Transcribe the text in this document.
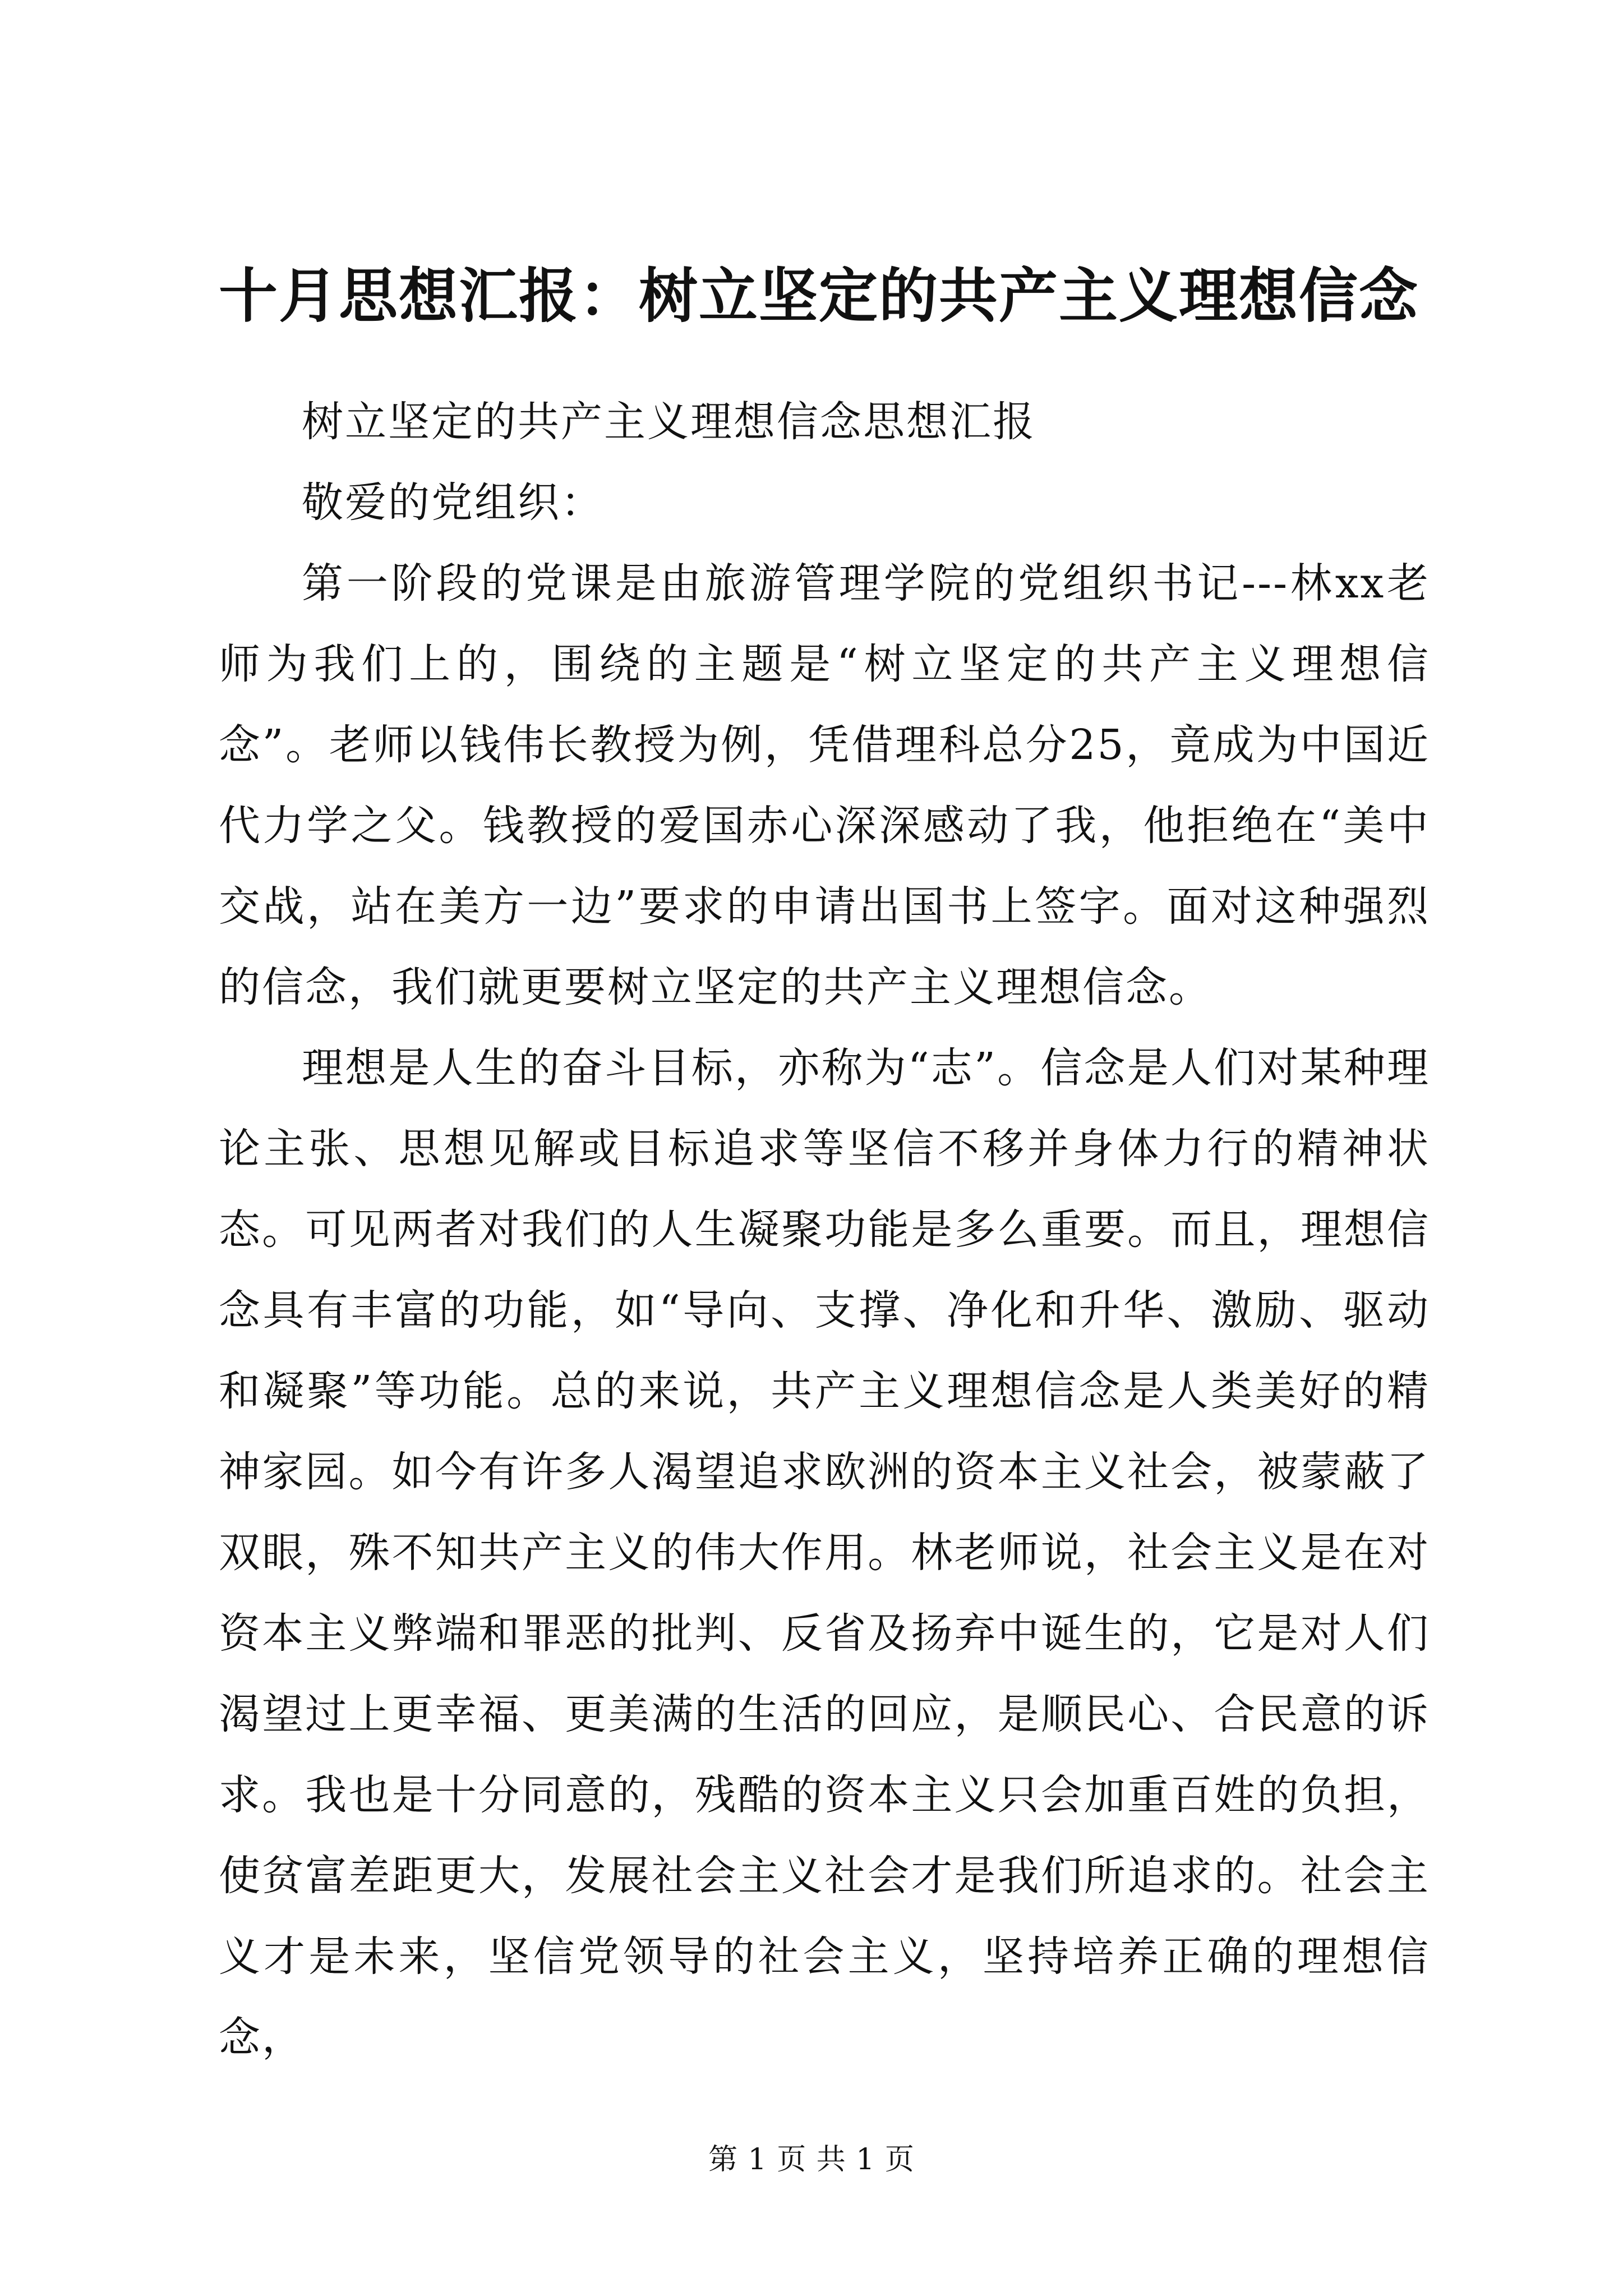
十月思想汇报：树立坚定的共产主义理想信念

树立坚定的共产主义理想信念思想汇报

敬爱的党组织：

第一阶段的党课是由旅游管理学院的党组织书记---林xx老师为我们上的，围绕的主题是“树立坚定的共产主义理想信念”。老师以钱伟长教授为例，凭借理科总分25，竟成为中国近代力学之父。钱教授的爱国赤心深深感动了我，他拒绝在“美中交战，站在美方一边”要求的申请出国书上签字。面对这种强烈的信念，我们就更要树立坚定的共产主义理想信念。

理想是人生的奋斗目标，亦称为“志”。信念是人们对某种理论主张、思想见解或目标追求等坚信不移并身体力行的精神状态。可见两者对我们的人生凝聚功能是多么重要。而且，理想信念具有丰富的功能，如“导向、支撑、净化和升华、激励、驱动和凝聚”等功能。总的来说，共产主义理想信念是人类美好的精神家园。如今有许多人渴望追求欧洲的资本主义社会，被蒙蔽了双眼，殊不知共产主义的伟大作用。林老师说，社会主义是在对资本主义弊端和罪恶的批判、反省及扬弃中诞生的，它是对人们渴望过上更幸福、更美满的生活的回应，是顺民心、合民意的诉求。我也是十分同意的，残酷的资本主义只会加重百姓的负担，使贫富差距更大，发展社会主义社会才是我们所追求的。社会主义才是未来，坚信党领导的社会主义，坚持培养正确的理想信念，

第 1 页 共 1 页
